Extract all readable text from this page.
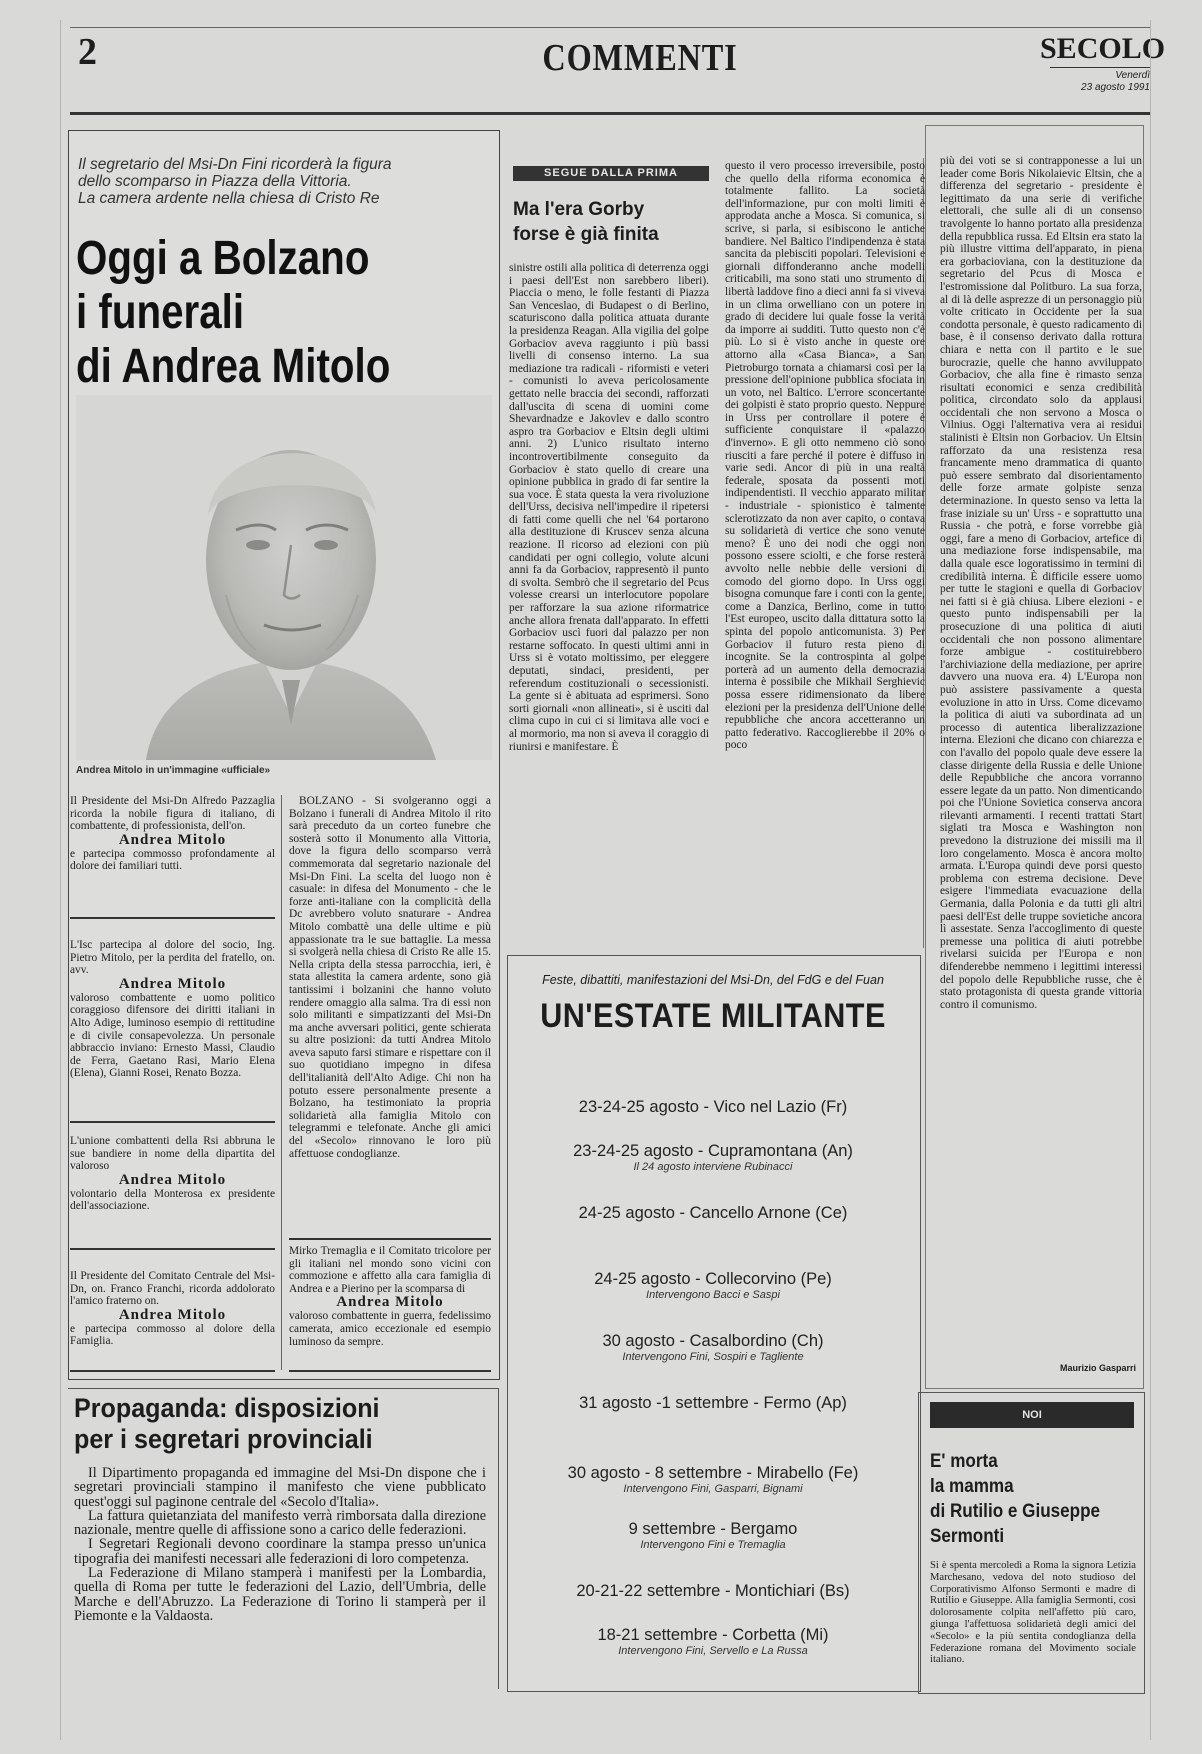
2	COMMENTI	SECOLO
Venerdì
23 agosto 1991
Il segretario del Msi-Dn Fini ricorderà la figura
dello scomparso in Piazza della Vittoria.
La camera ardente nella chiesa di Cristo Re
Oggi a Bolzano
i funerali
di Andrea Mitolo
Andrea Mitolo in un'immagine «ufficiale»
Il Presidente del Msi-Dn Alfredo Pazzaglia ricorda la nobile figura di italiano, di combattente, di professionista, dell'on.
Andrea Mitolo
e partecipa commosso profondamente al dolore dei familiari tutti.
L'Isc partecipa al dolore del socio, Ing. Pietro Mitolo, per la perdita del fratello, on. avv.
Andrea Mitolo
valoroso combattente e uomo politico coraggioso difensore dei diritti italiani in Alto Adige, luminoso esempio di rettitudine e di civile consapevolezza. Un personale abbraccio inviano: Ernesto Massi, Claudio de Ferra, Gaetano Rasi, Mario Elena (Elena), Gianni Rosei, Renato Bozza.
L'unione combattenti della Rsi abbruna le sue bandiere in nome della dipartita del valoroso
Andrea Mitolo
volontario della Monterosa ex presidente dell'associazione.
Il Presidente del Comitato Centrale del Msi-Dn, on. Franco Franchi, ricorda addolorato l'amico fraterno on.
Andrea Mitolo
e partecipa commosso al dolore della Famiglia.
BOLZANO - Si svolgeranno oggi a Bolzano i funerali di Andrea Mitolo il rito sarà preceduto da un corteo funebre che sosterà sotto il Monumento alla Vittoria, dove la figura dello scomparso verrà commemorata dal segretario nazionale del Msi-Dn Fini. La scelta del luogo non è casuale: in difesa del Monumento - che le forze anti-italiane con la complicità della Dc avrebbero voluto snaturare - Andrea Mitolo combattè una delle ultime e più appassionate tra le sue battaglie. La messa si svolgerà nella chiesa di Cristo Re alle 15. Nella cripta della stessa parrocchia, ieri, è stata allestita la camera ardente, sono già tantissimi i bolzanini che hanno voluto rendere omaggio alla salma. Tra di essi non solo militanti e simpatizzanti del Msi-Dn ma anche avversari politici, gente schierata su altre posizioni: da tutti Andrea Mitolo aveva saputo farsi stimare e rispettare con il suo quotidiano impegno in difesa dell'italianità dell'Alto Adige. Chi non ha potuto essere personalmente presente a Bolzano, ha testimoniato la propria solidarietà alla famiglia Mitolo con telegrammi e telefonate. Anche gli amici del «Secolo» rinnovano le loro più affettuose condoglianze.
Mirko Tremaglia e il Comitato tricolore per gli italiani nel mondo sono vicini con commozione e affetto alla cara famiglia di Andrea e a Pierino per la scomparsa di
Andrea Mitolo
valoroso combattente in guerra, fedelissimo camerata, amico eccezionale ed esempio luminoso da sempre.
SEGUE DALLA PRIMA
Ma l'era Gorby
forse è già finita
sinistre ostili alla politica di deterrenza oggi i paesi dell'Est non sarebbero liberi). Piaccia o meno, le folle festanti di Piazza San Venceslao, di Budapest o di Berlino, scaturiscono dalla politica attuata durante la presidenza Reagan. Alla vigilia del golpe Gorbaciov aveva raggiunto i più bassi livelli di consenso interno. La sua mediazione tra radicali - riformisti e veteri - comunisti lo aveva pericolosamente gettato nelle braccia dei secondi, rafforzati dall'uscita di scena di uomini come Shevardnadze e Jakovlev e dallo scontro aspro tra Gorbaciov e Eltsin degli ultimi anni. 2) L'unico risultato interno incontrovertibilmente conseguito da Gorbaciov è stato quello di creare una opinione pubblica in grado di far sentire la sua voce. È stata questa la vera rivoluzione dell'Urss, decisiva nell'impedire il ripetersi di fatti come quelli che nel '64 portarono alla destituzione di Kruscev senza alcuna reazione. Il ricorso ad elezioni con più candidati per ogni collegio, volute alcuni anni fa da Gorbaciov, rappresentò il punto di svolta. Sembrò che il segretario del Pcus volesse crearsi un interlocutore popolare per rafforzare la sua azione riformatrice anche allora frenata dall'apparato. In effetti Gorbaciov uscì fuori dal palazzo per non restarne soffocato. In questi ultimi anni in Urss si è votato moltissimo, per eleggere deputati, sindaci, presidenti, per referendum costituzionali o secessionisti. La gente si è abituata ad esprimersi. Sono sorti giornali «non allineati», si è usciti dal clima cupo in cui ci si limitava alle voci e al mormorio, ma non si aveva il coraggio di riunirsi e manifestare. È
questo il vero processo irreversibile, posto che quello della riforma economica è totalmente fallito. La società dell'informazione, pur con molti limiti è approdata anche a Mosca. Si comunica, si scrive, si parla, si esibiscono le antiche bandiere. Nel Baltico l'indipendenza è stata sancita da plebisciti popolari. Televisioni e giornali diffonderanno anche modelli criticabili, ma sono stati uno strumento di libertà laddove fino a dieci anni fa si viveva in un clima orwelliano con un potere in grado di decidere lui quale fosse la verità da imporre ai sudditi. Tutto questo non c'è più. Lo si è visto anche in queste ore attorno alla «Casa Bianca», a San Pietroburgo tornata a chiamarsi così per la pressione dell'opinione pubblica sfociata in un voto, nel Baltico. L'errore sconcertante dei golpisti è stato proprio questo. Neppure in Urss per controllare il potere è sufficiente conquistare il «palazzo d'inverno». E gli otto nemmeno ciò sono riusciti a fare perché il potere è diffuso in varie sedi. Ancor di più in una realtà federale, sposata da possenti moti indipendentisti. Il vecchio apparato militar - industriale - spionistico è talmente sclerotizzato da non aver capito, o contava su solidarietà di vertice che sono venute meno? È uno dei nodi che oggi non possono essere sciolti, e che forse resterà avvolto nelle nebbie delle versioni di comodo del giorno dopo. In Urss oggi bisogna comunque fare i conti con la gente, come a Danzica, Berlino, come in tutto l'Est europeo, uscito dalla dittatura sotto la spinta del popolo anticomunista. 3) Per Gorbaciov il futuro resta pieno di incognite. Se la controspinta al golpe porterà ad un aumento della democrazia interna è possibile che Mikhail Serghievic possa essere ridimensionato da libere elezioni per la presidenza dell'Unione delle repubbliche che ancora accetteranno un patto federativo. Raccoglierebbe il 20% o poco
più dei voti se si contrapponesse a lui un leader come Boris Nikolaievic Eltsin, che a differenza del segretario - presidente è legittimato da una serie di verifiche elettorali, che sulle ali di un consenso travolgente lo hanno portato alla presidenza della repubblica russa. Ed Eltsin era stato la più illustre vittima dell'apparato, in piena era gorbacioviana, con la destituzione da segretario del Pcus di Mosca e l'estromissione dal Politburo. La sua forza, al di là delle asprezze di un personaggio più volte criticato in Occidente per la sua condotta personale, è questo radicamento di base, è il consenso derivato dalla rottura chiara e netta con il partito e le sue burocrazie, quelle che hanno avviluppato Gorbaciov, che alla fine è rimasto senza risultati economici e senza credibilità politica, circondato solo da applausi occidentali che non servono a Mosca o Vilnius. Oggi l'alternativa vera ai residui stalinisti è Eltsin non Gorbaciov. Un Eltsin rafforzato da una resistenza resa francamente meno drammatica di quanto può essere sembrato dal disorientamento delle forze armate golpiste senza determinazione. In questo senso va letta la frase iniziale su un' Urss - e soprattutto una Russia - che potrà, e forse vorrebbe già oggi, fare a meno di Gorbaciov, artefice di una mediazione forse indispensabile, ma dalla quale esce logoratissimo in termini di credibilità interna. È difficile essere uomo per tutte le stagioni e quella di Gorbaciov nei fatti si è già chiusa. Libere elezioni - e questo punto indispensabili per la prosecuzione di una politica di aiuti occidentali che non possono alimentare forze ambigue - costituirebbero l'archiviazione della mediazione, per aprire davvero una nuova era. 4) L'Europa non può assistere passivamente a questa evoluzione in atto in Urss. Come dicevamo la politica di aiuti va subordinata ad un processo di autentica liberalizzazione interna. Elezioni che dicano con chiarezza e con l'avallo del popolo quale deve essere la classe dirigente della Russia e delle Unione delle Repubbliche che ancora vorranno essere legate da un patto. Non dimenticando poi che l'Unione Sovietica conserva ancora rilevanti armamenti. I recenti trattati Start siglati tra Mosca e Washington non prevedono la distruzione dei missili ma il loro congelamento. Mosca è ancora molto armata. L'Europa quindi deve porsi questo problema con estrema decisione. Deve esigere l'immediata evacuazione della Germania, dalla Polonia e da tutti gli altri paesi dell'Est delle truppe sovietiche ancora lì assestate. Senza l'accoglimento di queste premesse una politica di aiuti potrebbe rivelarsi suicida per l'Europa e non difenderebbe nemmeno i legittimi interessi del popolo delle Repubbliche russe, che è stato protagonista di questa grande vittoria contro il comunismo.
Maurizio Gasparri
Feste, dibattiti, manifestazioni del Msi-Dn, del FdG e del Fuan
UN'ESTATE MILITANTE
23-24-25 agosto - Vico nel Lazio (Fr)
23-24-25 agosto - Cupramontana (An)
Il 24 agosto interviene Rubinacci
24-25 agosto - Cancello Arnone (Ce)
24-25 agosto - Collecorvino (Pe)
Intervengono Bacci e Saspi
30 agosto - Casalbordino (Ch)
Intervengono Fini, Sospiri e Tagliente
31 agosto -1 settembre - Fermo (Ap)
30 agosto - 8 settembre - Mirabello (Fe)
Intervengono Fini, Gasparri, Bignami
9 settembre - Bergamo
Intervengono Fini e Tremaglia
20-21-22 settembre - Montichiari (Bs)
18-21 settembre - Corbetta (Mi)
Intervengono Fini, Servello e La Russa
Propaganda: disposizioni
per i segretari provinciali
Il Dipartimento propaganda ed immagine del Msi-Dn dispone che i segretari provinciali stampino il manifesto che viene pubblicato quest'oggi sul paginone centrale del «Secolo d'Italia».
La fattura quietanziata del manifesto verrà rimborsata dalla direzione nazionale, mentre quelle di affissione sono a carico delle federazioni.
I Segretari Regionali devono coordinare la stampa presso un'unica tipografia dei manifesti necessari alle federazioni di loro competenza.
La Federazione di Milano stamperà i manifesti per la Lombardia, quella di Roma per tutte le federazioni del Lazio, dell'Umbria, delle Marche e dell'Abruzzo. La Federazione di Torino li stamperà per il Piemonte e la Valdaosta.
NOI
E' morta
la mamma
di Rutilio e Giuseppe
Sermonti
Si è spenta mercoledì a Roma la signora Letizia Marchesano, vedova del noto studioso del Corporativismo Alfonso Sermonti e madre di Rutilio e Giuseppe. Alla famiglia Sermonti, così dolorosamente colpita nell'affetto più caro, giunga l'affettuosa solidarietà degli amici del «Secolo» e la più sentita condoglianza della Federazione romana del Movimento sociale italiano.
